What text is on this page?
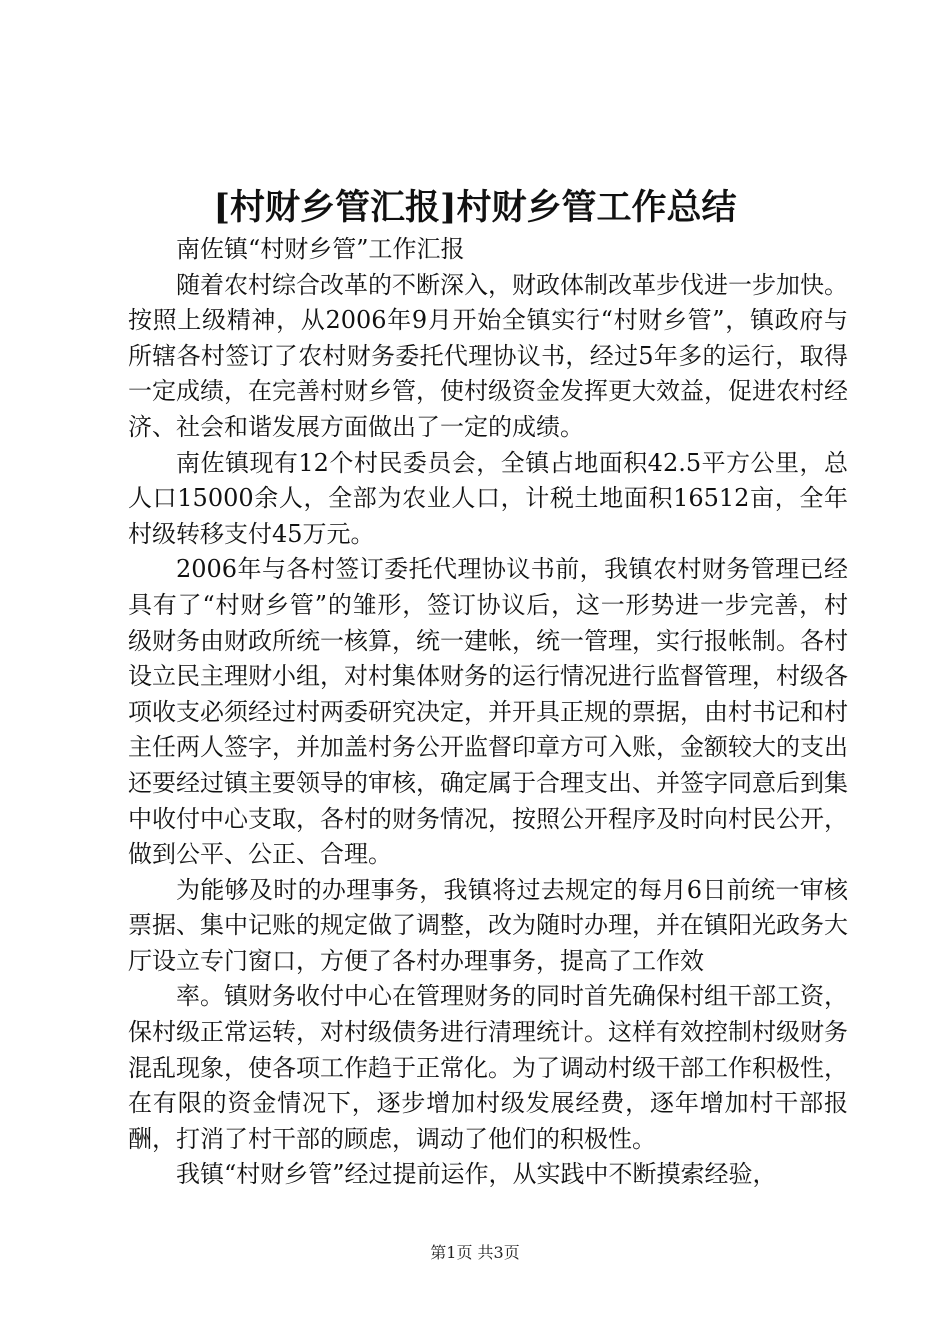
[村财乡管汇报]村财乡管工作总结

南佐镇“村财乡管”工作汇报

随着农村综合改革的不断深入，财政体制改革步伐进一步加快。按照上级精神，从2006年9月开始全镇实行“村财乡管”，镇政府与所辖各村签订了农村财务委托代理协议书，经过5年多的运行，取得一定成绩，在完善村财乡管，使村级资金发挥更大效益，促进农村经济、社会和谐发展方面做出了一定的成绩。

南佐镇现有12个村民委员会，全镇占地面积42.5平方公里，总人口15000余人，全部为农业人口，计税土地面积16512亩，全年村级转移支付45万元。

2006年与各村签订委托代理协议书前，我镇农村财务管理已经具有了“村财乡管”的雏形，签订协议后，这一形势进一步完善，村级财务由财政所统一核算，统一建帐，统一管理，实行报帐制。各村设立民主理财小组，对村集体财务的运行情况进行监督管理，村级各项收支必须经过村两委研究决定，并开具正规的票据，由村书记和村主任两人签字，并加盖村务公开监督印章方可入账，金额较大的支出还要经过镇主要领导的审核，确定属于合理支出、并签字同意后到集中收付中心支取，各村的财务情况，按照公开程序及时向村民公开，做到公平、公正、合理。

为能够及时的办理事务，我镇将过去规定的每月6日前统一审核票据、集中记账的规定做了调整，改为随时办理，并在镇阳光政务大厅设立专门窗口，方便了各村办理事务，提高了工作效

率。镇财务收付中心在管理财务的同时首先确保村组干部工资，保村级正常运转，对村级债务进行清理统计。这样有效控制村级财务混乱现象，使各项工作趋于正常化。为了调动村级干部工作积极性，在有限的资金情况下，逐步增加村级发展经费，逐年增加村干部报酬，打消了村干部的顾虑，调动了他们的积极性。

我镇“村财乡管”经过提前运作，从实践中不断摸索经验，

第1页 共3页
